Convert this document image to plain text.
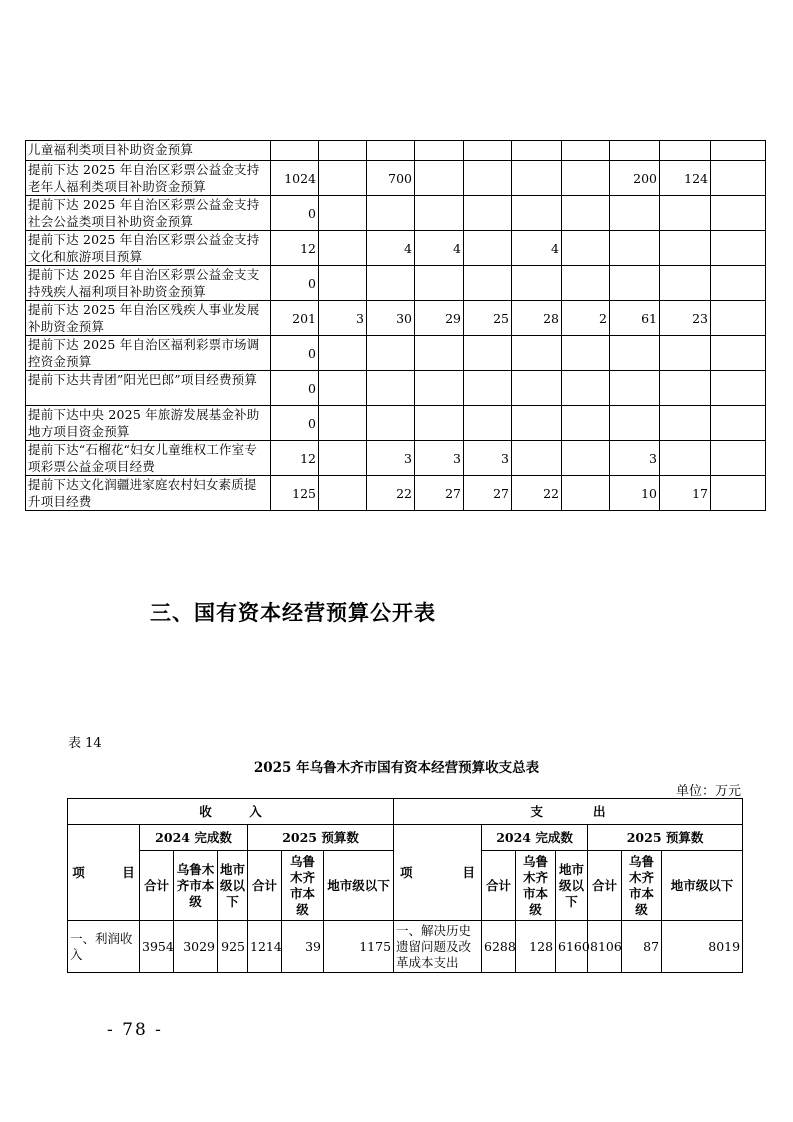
儿童福利类项目补助资金预算										
提前下达 2025 年自治区彩票公益金支持老年人福利类项目补助资金预算	1024		700					200	124	
提前下达 2025 年自治区彩票公益金支持社会公益类项目补助资金预算	0									
提前下达 2025 年自治区彩票公益金支持文化和旅游项目预算	12		4	4		4				
提前下达 2025 年自治区彩票公益金支支持残疾人福利项目补助资金预算	0									
提前下达 2025 年自治区残疾人事业发展补助资金预算	201	3	30	29	25	28	2	61	23	
提前下达 2025 年自治区福利彩票市场调控资金预算	0									
提前下达共青团”阳光巴郎”项目经费预算	0									
提前下达中央 2025 年旅游发展基金补助地方项目资金预算	0									
提前下达“石榴花“妇女儿童维权工作室专项彩票公益金项目经费	12		3	3	3			3		
提前下达文化润疆进家庭农村妇女素质提升项目经费	125		22	27	27	22		10	17	
三、国有资本经营预算公开表
表 14
2025 年乌鲁木齐市国有资本经营预算收支总表
单位：万元
收　　　入							支　　　　出						
项　　　目	2024 完成数			2025 预算数			项　　　　目	2024 完成数			2025 预算数		
	合计	乌鲁木齐市本级	地市级以下	合计	乌鲁木齐市本级	地市级以下		合计	乌鲁木齐市本级	地市级以下	合计	乌鲁木齐市本级	地市级以下
一、利润收入	3954	3029	925	1214	39	1175	一、解决历史遗留问题及改革成本支出	6288	128	6160	8106	87	8019
- 78 -
